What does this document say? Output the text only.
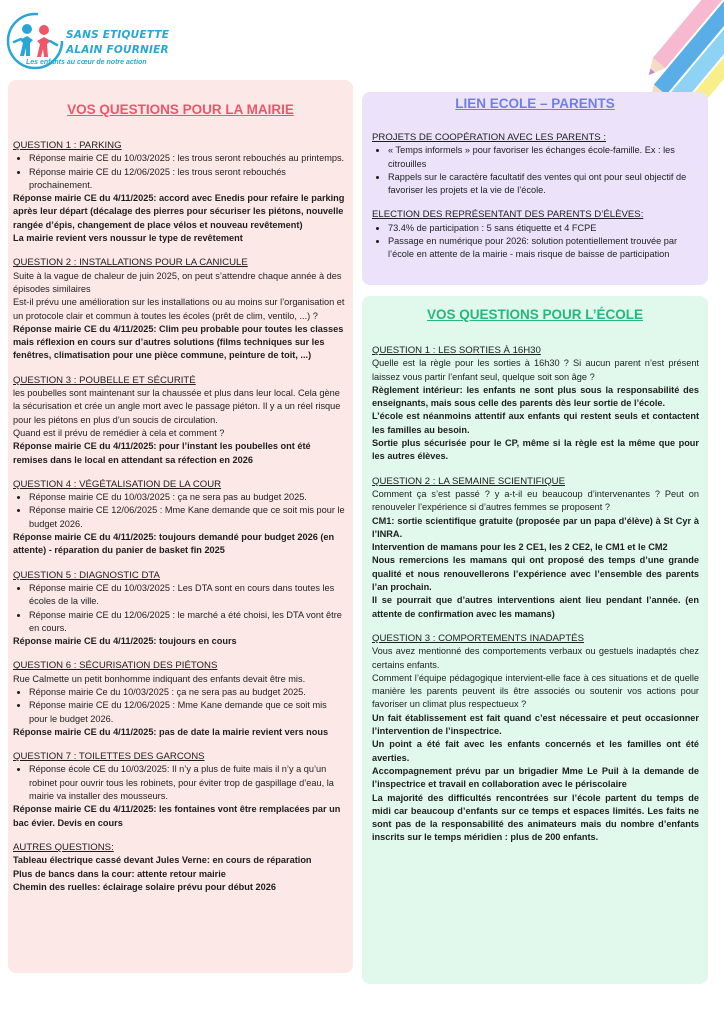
SANS ETIQUETTE
ALAIN FOURNIER
Les enfants au cœur de notre action
VOS QUESTIONS POUR LA MAIRIE
QUESTION 1 : PARKING
• Réponse mairie CE du 10/03/2025 : les trous seront rebouchés au printemps.
• Réponse mairie CE du 12/06/2025 : les trous seront rebouchés prochainement.

Réponse mairie CE du 4/11/2025: accord avec Enedis pour refaire le parking après leur départ (décalage des pierres pour sécuriser les piétons, nouvelle rangée d’épis, changement de place vélos et nouveau revêtement)

La mairie revient vers noussur le type de revêtement

QUESTION 2 : INSTALLATIONS POUR LA CANICULE

Suite à la vague de chaleur de juin 2025, on peut s’attendre chaque année à des épisodes similaires

Est-il prévu une amélioration sur les installations ou au moins sur l’organisation et un protocole clair et commun à toutes les écoles (prêt de clim, ventilo, ...) ?

Réponse mairie CE du 4/11/2025: Clim peu probable pour toutes les classes mais réflexion en cours sur d’autres solutions (films techniques sur les fenêtres, climatisation pour une pièce commune, peinture de toit, ...)

QUESTION 3 : POUBELLE ET SÉCURITÉ

les poubelles sont maintenant sur la chaussée et plus dans leur local. Cela gène la sécurisation et crée un angle mort avec le passage piéton. Il y a un réel risque pour les piétons en plus d’un soucis de circulation.

Quand est il prévu de remédier à cela et comment ?

Réponse mairie CE du 4/11/2025: pour l’instant les poubelles ont été remises dans le local en attendant sa réfection en 2026

QUESTION 4 : VÉGÉTALISATION DE LA COUR
• Réponse mairie CE du 10/03/2025 : ça ne sera pas au budget 2025.
• Réponse mairie CE 12/06/2025 : Mme Kane demande que ce soit mis pour le budget 2026.

Réponse mairie CE du 4/11/2025: toujours demandé pour budget 2026 (en attente) - réparation du panier de basket fin 2025

QUESTION 5 : DIAGNOSTIC DTA
• Réponse mairie CE du 10/03/2025 : Les DTA sont en cours dans toutes les écoles de la ville.
• Réponse mairie CE du 12/06/2025 : le marché a été choisi, les DTA vont être en cours.

Réponse mairie CE du 4/11/2025: toujours en cours

QUESTION 6 : SÉCURISATION DES PIÉTONS

Rue Calmette un petit bonhomme indiquant des enfants devait être mis.

• Réponse mairie Ce du 10/03/2025 : ça ne sera pas au budget 2025.
• Réponse mairie CE du 12/06/2025 : Mme Kane demande que ce soit mis pour le budget 2026.

Réponse mairie CE du 4/11/2025: pas de date la mairie revient vers nous

QUESTION 7 : TOILETTES DES GARCONS
• Réponse école CE du 10/03/2025: Il n’y a plus de fuite mais il n’y a qu’un robinet pour ouvrir tous les robinets, pour éviter trop de gaspillage d’eau, la mairie va installer des mousseurs.

Réponse mairie CE du 4/11/2025: les fontaines vont être remplacées par un bac évier. Devis en cours

AUTRES QUESTIONS:

Tableau électrique cassé devant Jules Verne: en cours de réparation

Plus de bancs dans la cour: attente retour mairie

Chemin des ruelles: éclairage solaire prévu pour début 2026

LIEN ECOLE – PARENTS
PROJETS DE COOPÉRATION AVEC LES PARENTS :
• « Temps informels » pour favoriser les échanges école-famille. Ex : les citrouilles
• Rappels sur le caractère facultatif des ventes qui ont pour seul objectif de favoriser les projets et la vie de l’école.
ELECTION DES REPRÉSENTANT DES PARENTS D’ÉLÈVES:
• 73.4% de participation : 5 sans étiquette et 4 FCPE
• Passage en numérique pour 2026: solution potentiellement trouvée par l’école en attente de la mairie - mais risque de baisse de participation
VOS QUESTIONS POUR L’ÉCOLE
QUESTION 1 : LES SORTIES À 16H30

Quelle est la règle pour les sorties à 16h30 ? Si aucun parent n’est présent laissez vous partir l’enfant seul, quelque soit son âge ?

Règlement intérieur: les enfants ne sont plus sous la responsabilité des enseignants, mais sous celle des parents dès leur sortie de l’école.

L’école est néanmoins attentif aux enfants qui restent seuls et contactent les familles au besoin.

Sortie plus sécurisée pour le CP, même si la règle est la même que pour les autres élèves.

QUESTION 2 : LA SEMAINE SCIENTIFIQUE

Comment ça s’est passé ? y a-t-il eu beaucoup d’intervenantes ? Peut on renouveler l’expérience si d’autres femmes se proposent ?

CM1: sortie scientifique gratuite (proposée par un papa d’élève) à St Cyr à l’INRA.

Intervention de mamans pour les 2 CE1, les 2 CE2, le CM1 et le CM2

Nous remercions les mamans qui ont proposé des temps d’une grande qualité et nous renouvellerons l’expérience avec l’ensemble des parents l’an prochain.

Il se pourrait que d’autres interventions aient lieu pendant l’année. (en attente de confirmation avec les mamans)

QUESTION 3 : COMPORTEMENTS INADAPTÉS

Vous avez mentionné des comportements verbaux ou gestuels inadaptés chez certains enfants.

Comment l’équipe pédagogique intervient-elle face à ces situations et de quelle manière les parents peuvent ils être associés ou soutenir vos actions pour favoriser un climat plus respectueux ?

Un fait établissement est fait quand c’est nécessaire et peut occasionner l’intervention de l’inspectrice.

Un point a été fait avec les enfants concernés et les familles ont été averties.

Accompagnement prévu par un brigadier Mme Le Puil à la demande de l’inspectrice et travail en collaboration avec le périscolaire

La majorité des difficultés rencontrées sur l’école partent du temps de midi car beaucoup d’enfants sur ce temps et espaces limités. Les faits ne sont pas de la responsabilité des animateurs mais du nombre d’enfants inscrits sur le temps méridien : plus de 200 enfants.
